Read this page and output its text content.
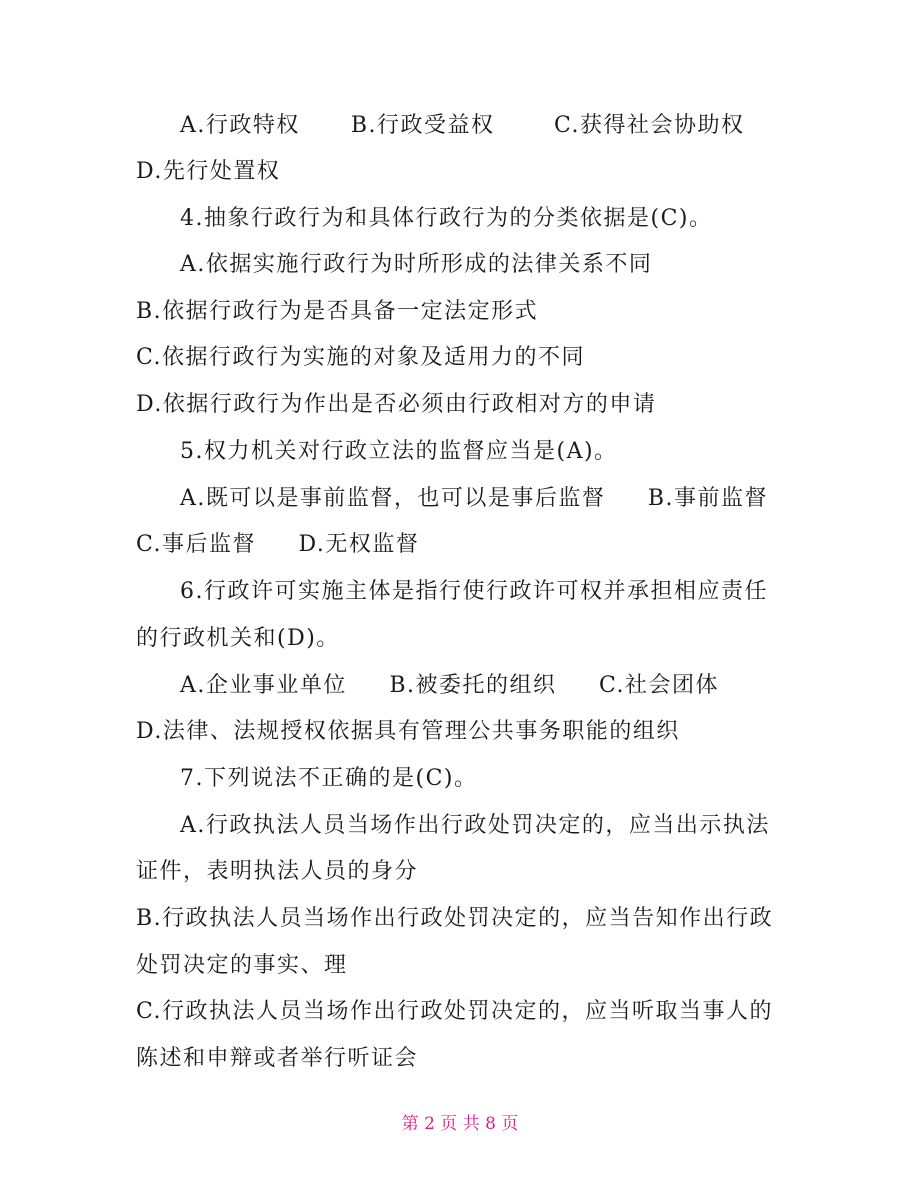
A.行政特权      B.行政受益权       C.获得社会协助权
D.先行处置权
4.抽象行政行为和具体行政行为的分类依据是(C)。
A.依据实施行政行为时所形成的法律关系不同
B.依据行政行为是否具备一定法定形式
C.依据行政行为实施的对象及适用力的不同
D.依据行政行为作出是否必须由行政相对方的申请
5.权力机关对行政立法的监督应当是(A)。
A.既可以是事前监督，也可以是事后监督     B.事前监督
C.事后监督     D.无权监督
6.行政许可实施主体是指行使行政许可权并承担相应责任
的行政机关和(D)。
A.企业事业单位     B.被委托的组织     C.社会团体
D.法律、法规授权依据具有管理公共事务职能的组织
7.下列说法不正确的是(C)。
A.行政执法人员当场作出行政处罚决定的，应当出示执法
证件，表明执法人员的身分
B.行政执法人员当场作出行政处罚决定的，应当告知作出行政
处罚决定的事实、理
C.行政执法人员当场作出行政处罚决定的，应当听取当事人的
陈述和申辩或者举行听证会
第 2 页 共 8 页
